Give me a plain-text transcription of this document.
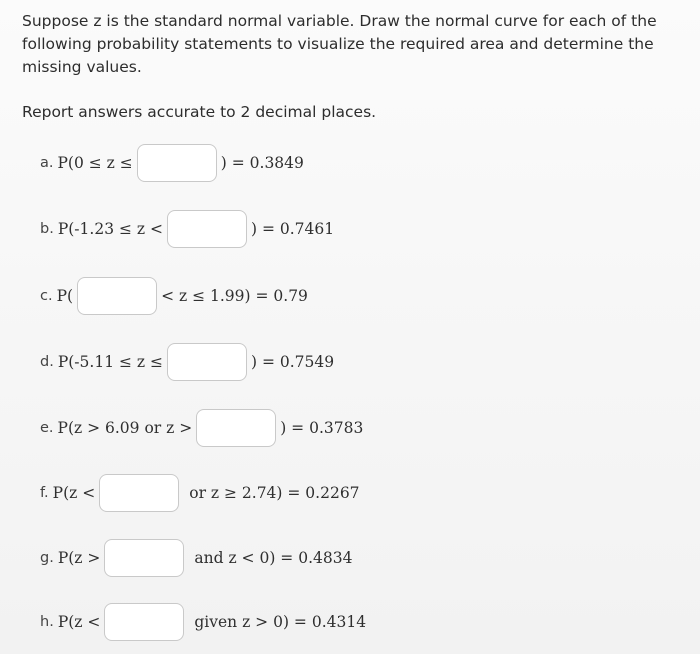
Suppose z is the standard normal variable. Draw the normal curve for each of the
following probability statements to visualize the required area and determine the
missing values.
Report answers accurate to 2 decimal places.
a. P(0 ≤ z ≤	) = 0.3849
b. P(-1.23 ≤ z <	) = 0.7461
c. P(	< z ≤ 1.99) = 0.79
d. P(-5.11 ≤ z ≤	) = 0.7549
e. P(z > 6.09 or z >	) = 0.3783
f. P(z <	or z ≥ 2.74) = 0.2267
g. P(z >	and z < 0) = 0.4834
h. P(z <	given z > 0) = 0.4314
